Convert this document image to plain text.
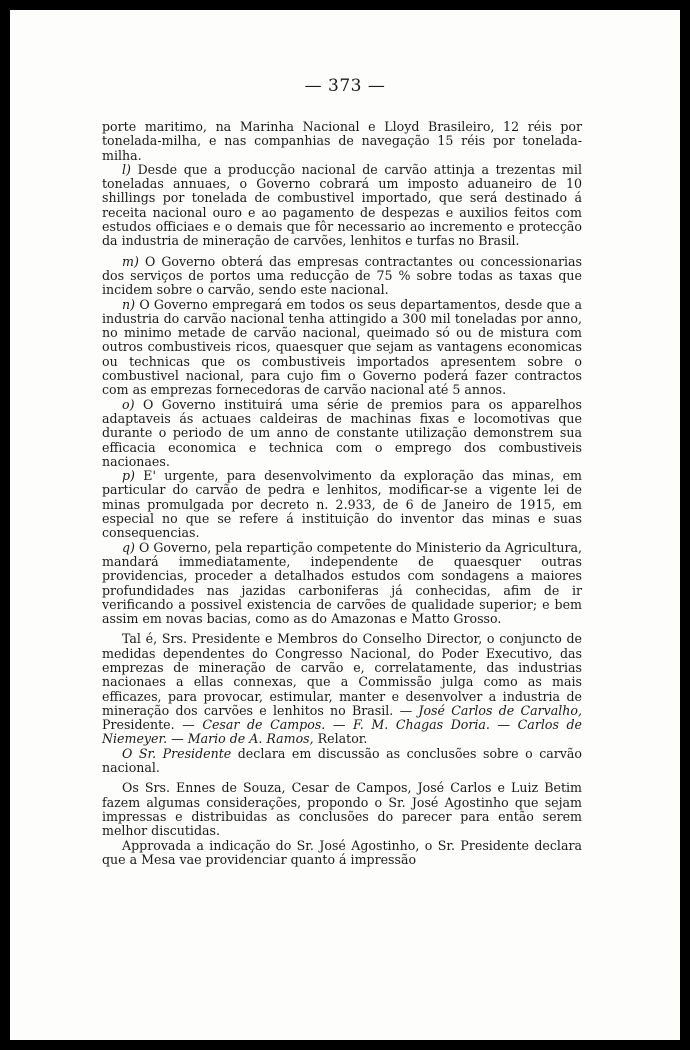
— 373 —

porte maritimo, na Marinha Nacional e Lloyd Brasileiro, 12 réis por tonelada-milha, e nas companhias de navegação 15 réis por tonelada-milha.

l) Desde que a producção nacional de carvão attinja a trezentas mil toneladas annuaes, o Governo cobrará um imposto aduaneiro de 10 shillings por tonelada de combustivel importado, que será destinado á receita nacional ouro e ao pagamento de despezas e auxilios feitos com estudos officiaes e o demais que fôr necessario ao incremento e protecção da industria de mineração de carvões, lenhitos e turfas no Brasil.

m) O Governo obterá das empresas contractantes ou concessionarias dos serviços de portos uma reducção de 75 % sobre todas as taxas que incidem sobre o carvão, sendo este nacional.

n) O Governo empregará em todos os seus departamentos, desde que a industria do carvão nacional tenha attingido a 300 mil toneladas por anno, no minimo metade de carvão nacional, queimado só ou de mistura com outros combustiveis ricos, quaesquer que sejam as vantagens economicas ou technicas que os combustiveis importados apresentem sobre o combustivel nacional, para cujo fim o Governo poderá fazer contractos com as emprezas fornecedoras de carvão nacional até 5 annos.

o) O Governo instituirá uma série de premios para os apparelhos adaptaveis ás actuaes caldeiras de machinas fixas e locomotivas que durante o periodo de um anno de constante utilização demonstrem sua efficacia economica e technica com o emprego dos combustiveis nacionaes.

p) E' urgente, para desenvolvimento da exploração das minas, em particular do carvão de pedra e lenhitos, modificar-se a vigente lei de minas promulgada por decreto n. 2.933, de 6 de Janeiro de 1915, em especial no que se refere á instituição do inventor das minas e suas consequencias.

q) O Governo, pela repartição competente do Ministerio da Agricultura, mandará immediatamente, independente de quaesquer outras providencias, proceder a detalhados estudos com sondagens a maiores profundidades nas jazidas carboniferas já conhecidas, afim de ir verificando a possivel existencia de carvões de qualidade superior; e bem assim em novas bacias, como as do Amazonas e Matto Grosso.

Tal é, Srs. Presidente e Membros do Conselho Director, o conjuncto de medidas dependentes do Congresso Nacional, do Poder Executivo, das emprezas de mineração de carvão e, correlatamente, das industrias nacionaes a ellas connexas, que a Commissão julga como as mais efficazes, para provocar, estimular, manter e desenvolver a industria de mineração dos carvões e lenhitos no Brasil. — José Carlos de Carvalho, Presidente. — Cesar de Campos. — F. M. Chagas Doria. — Carlos de Niemeyer. — Mario de A. Ramos, Relator.

O Sr. Presidente declara em discussão as conclusões sobre o carvão nacional.

Os Srs. Ennes de Souza, Cesar de Campos, José Carlos e Luiz Betim fazem algumas considerações, propondo o Sr. José Agostinho que sejam impressas e distribuidas as conclusões do parecer para então serem melhor discutidas.

Approvada a indicação do Sr. José Agostinho, o Sr. Presidente declara que a Mesa vae providenciar quanto á impressão
